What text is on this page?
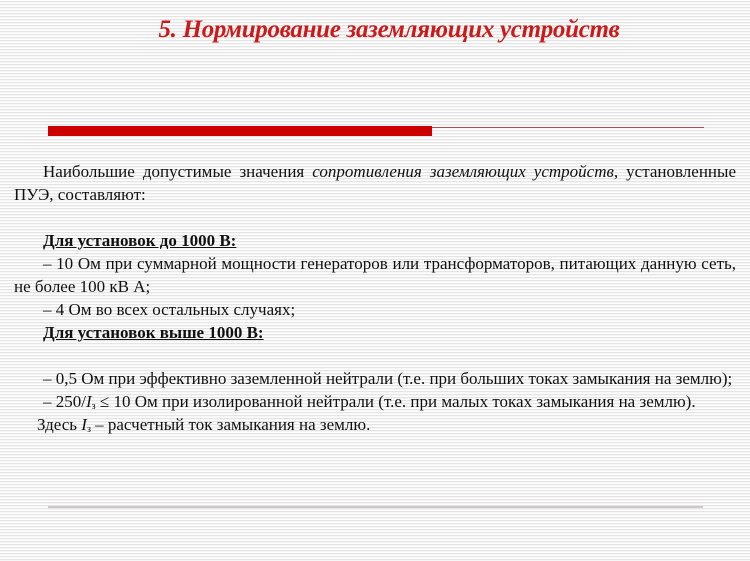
5. Нормирование заземляющих устройств

Наибольшие допустимые значения сопротивления заземляющих устройств, установленные ПУЭ, составляют:

Для установок до 1000 В:

– 10 Ом при суммарной мощности генераторов или трансформаторов, питающих данную сеть, не более 100 кВ А;

– 4 Ом во всех остальных случаях;

Для установок выше 1000 В:

– 0,5 Ом при эффективно заземленной нейтрали (т.е. при больших токах замыкания на землю);

– $250/I_з \le 10$ Ом при изолированной нейтрали (т.е. при малых токах замыкания на землю).

Здесь $I_з$ – расчетный ток замыкания на землю.
